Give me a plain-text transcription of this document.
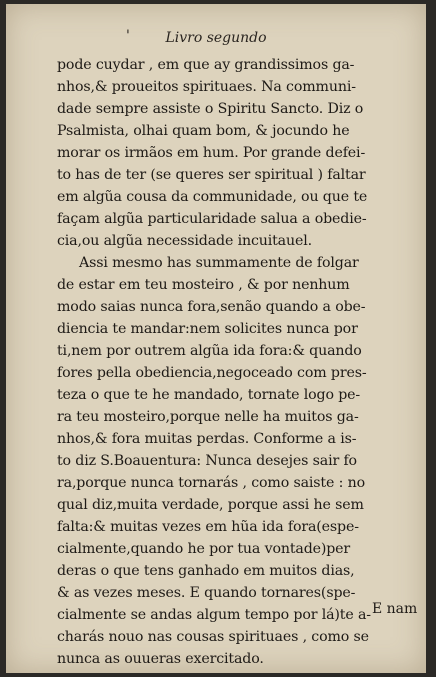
'	Livro segundo
pode cuydar , em que ay grandissimos ga-
nhos,& proueitos spirituaes. Na communi-
dade sempre assiste o Spiritu Sancto. Diz o
Psalmista, olhai quam bom, & jocundo he
morar os irmãos em hum. Por grande defei-
to has de ter (se queres ser spiritual ) faltar
em algũa cousa da communidade, ou que te
façam algũa particularidade salua a obedie-
cia,ou algũa necessidade incuitauel.
Assi mesmo has summamente de folgar
de estar em teu mosteiro , & por nenhum
modo saias nunca fora,senão quando a obe-
diencia te mandar:nem solicites nunca por
ti,nem por outrem algũa ida fora:& quando
fores pella obediencia,negoceado com pres-
teza o que te he mandado, tornate logo pe-
ra teu mosteiro,porque nelle ha muitos ga-
nhos,& fora muitas perdas. Conforme a is-
to diz S.Boauentura: Nunca desejes sair fo
ra,porque nunca tornarás , como saiste : no
qual diz,muita verdade, porque assi he sem
falta:& muitas vezes em hũa ida fora(espe-
cialmente,quando he por tua vontade)per
deras o que tens ganhado em muitos dias,
& as vezes meses. E quando tornares(spe-
cialmente se andas algum tempo por lá)te a-
charás nouo nas cousas spirituaes , como se
nunca as ouueras exercitado.
E nam
